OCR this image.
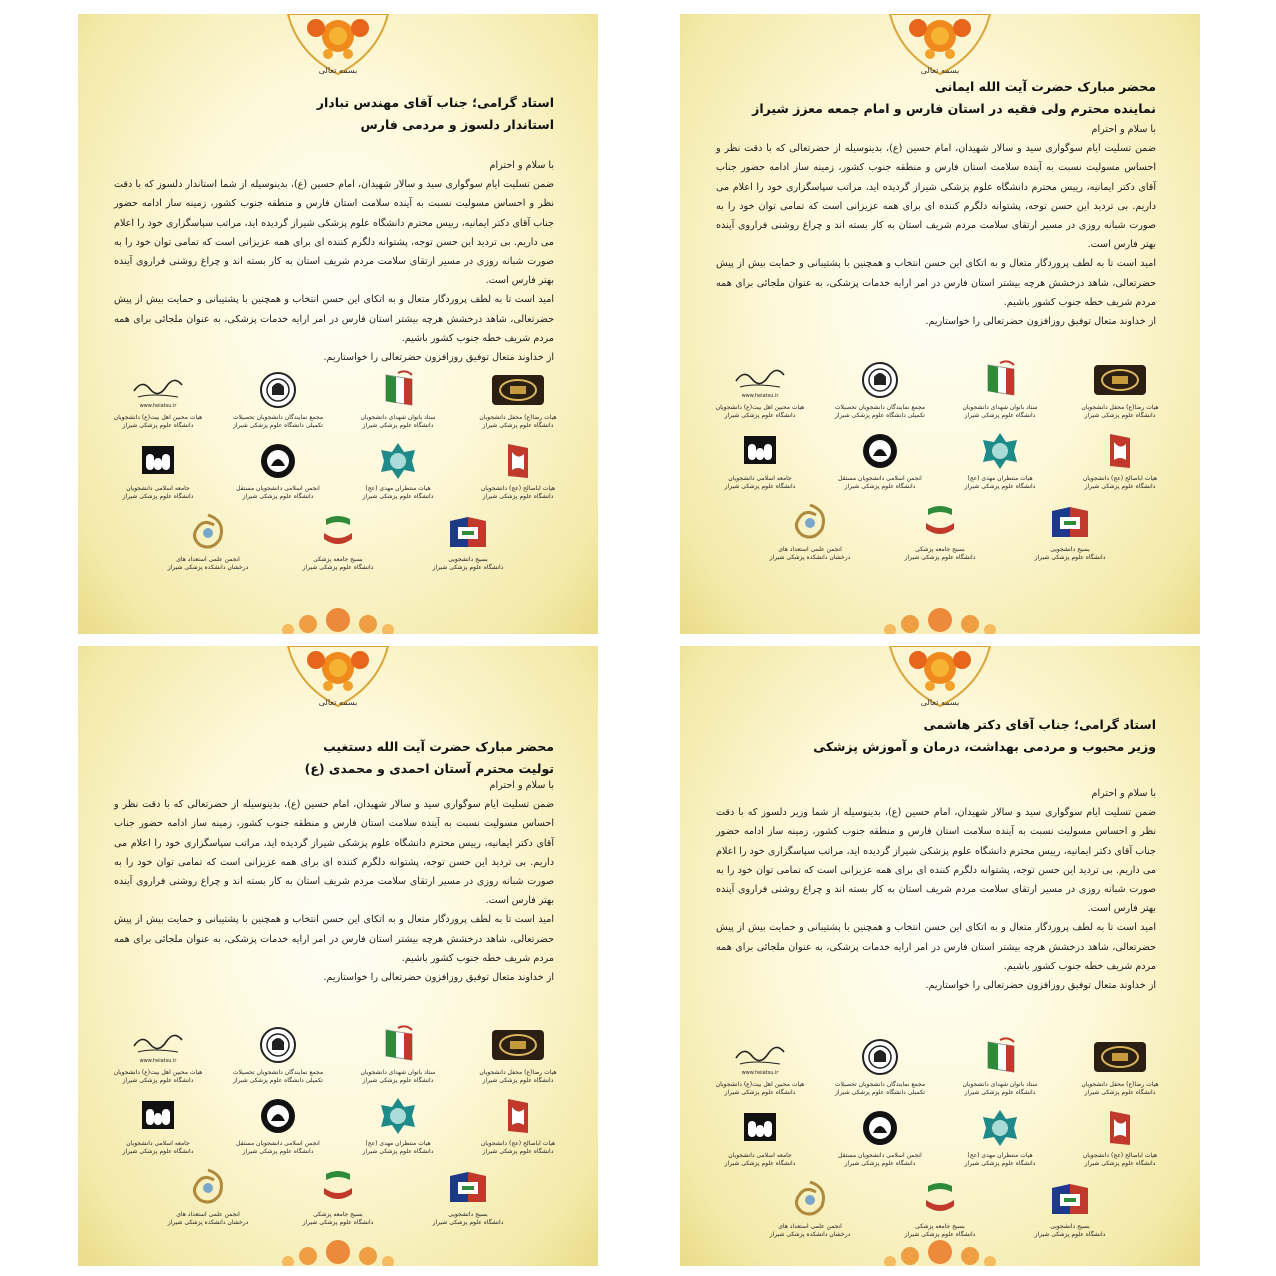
بسمه تعالی
استاد گرامی؛ جناب آقای مهندس تبادار
استاندار دلسوز و مردمی فارس

با سلام و احترام

ضمن تسلیت ایام سوگواری سید و سالار شهیدان، امام حسین (ع)، بدینوسیله از شما استاندار دلسوز که با دقت نظر و احساس مسولیت نسبت به آینده سلامت استان فارس و منطقه جنوب کشور، زمینه ساز ادامه حضور جناب آقای دکتر ایمانیه، رییس محترم دانشگاه علوم پزشکی شیراز گردیده اید، مراتب سپاسگزاری خود را اعلام می داریم. بی تردید این حسن توجه، پشتوانه دلگرم کننده ای برای همه عزیزانی است که تمامی توان خود را به صورت شبانه روزی در مسیر ارتقای سلامت مردم شریف استان به کار بسته اند و چراغ روشنی فراروی آینده بهتر فارس است.

امید است تا به لطف پروردگار متعال و به اتکای این حسن انتخاب و همچنین با پشتیبانی و حمایت بیش از پیش حضرتعالی، شاهد درخشش هرچه بیشتر استان فارس در امر ارایه خدمات پزشکی، به عنوان ملجائی برای همه مردم شریف خطه جنوب کشور باشیم.

از خداوند متعال توفیق روزافزون حضرتعالی را خواستاریم.

هیات رضا(ع) محفل دانشجویان
دانشگاه علوم پزشکی شیراز
ستاد بانوان شهدای دانشجویان
دانشگاه علوم پزشکی شیراز
مجمع نمایندگان دانشجویان تحصیلات
تکمیلی دانشگاه علوم پزشکی شیراز
www.heiatsu.ir
هیات محبین اهل بیت(ع) دانشجویان
دانشگاه علوم پزشکی شیراز
هیات اباصالح (عج) دانشجویان
دانشگاه علوم پزشکی شیراز
هیات منتظران مهدی (عج)
دانشگاه علوم پزشکی شیراز
انجمن اسلامی دانشجویان مستقل
دانشگاه علوم پزشکی شیراز
جامعه اسلامی دانشجویان
دانشگاه علوم پزشکی شیراز
بسیج دانشجویی
دانشگاه علوم پزشکی شیراز
بسیج جامعه پزشکی
دانشگاه علوم پزشکی شیراز
انجمن علمی استعداد های
درخشان دانشکده پزشکی شیراز
بسمه تعالی
محضر مبارک حضرت آیت الله ایمانی
نماینده محترم ولی فقیه در استان فارس و امام جمعه معزز شیراز

با سلام و احترام

ضمن تسلیت ایام سوگواری سید و سالار شهیدان، امام حسین (ع)، بدینوسیله از حضرتعالی که با دقت نظر و احساس مسولیت نسبت به آینده سلامت استان فارس و منطقه جنوب کشور، زمینه ساز ادامه حضور جناب آقای دکتر ایمانیه، رییس محترم دانشگاه علوم پزشکی شیراز گردیده اید، مراتب سپاسگزاری خود را اعلام می داریم. بی تردید این حسن توجه، پشتوانه دلگرم کننده ای برای همه عزیزانی است که تمامی توان خود را به صورت شبانه روزی در مسیر ارتقای سلامت مردم شریف استان به کار بسته اند و چراغ روشنی فراروی آینده بهتر فارس است.

امید است تا به لطف پروردگار متعال و به اتکای این حسن انتخاب و همچنین با پشتیبانی و حمایت بیش از پیش حضرتعالی، شاهد درخشش هرچه بیشتر استان فارس در امر ارایه خدمات پزشکی، به عنوان ملجائی برای همه مردم شریف خطه جنوب کشور باشیم.

از خداوند متعال توفیق روزافزون حضرتعالی را خواستاریم.

هیات رضا(ع) محفل دانشجویان
دانشگاه علوم پزشکی شیراز
ستاد بانوان شهدای دانشجویان
دانشگاه علوم پزشکی شیراز
مجمع نمایندگان دانشجویان تحصیلات
تکمیلی دانشگاه علوم پزشکی شیراز
www.heiatsu.ir
هیات محبین اهل بیت(ع) دانشجویان
دانشگاه علوم پزشکی شیراز
هیات اباصالح (عج) دانشجویان
دانشگاه علوم پزشکی شیراز
هیات منتظران مهدی (عج)
دانشگاه علوم پزشکی شیراز
انجمن اسلامی دانشجویان مستقل
دانشگاه علوم پزشکی شیراز
جامعه اسلامی دانشجویان
دانشگاه علوم پزشکی شیراز
بسیج دانشجویی
دانشگاه علوم پزشکی شیراز
بسیج جامعه پزشکی
دانشگاه علوم پزشکی شیراز
انجمن علمی استعداد های
درخشان دانشکده پزشکی شیراز
بسمه تعالی
محضر مبارک حضرت آیت الله دستغیب
تولیت محترم آستان احمدی و محمدی (ع)

با سلام و احترام

ضمن تسلیت ایام سوگواری سید و سالار شهیدان، امام حسین (ع)، بدینوسیله از حضرتعالی که با دقت نظر و احساس مسولیت نسبت به آینده سلامت استان فارس و منطقه جنوب کشور، زمینه ساز ادامه حضور جناب آقای دکتر ایمانیه، رییس محترم دانشگاه علوم پزشکی شیراز گردیده اید، مراتب سپاسگزاری خود را اعلام می داریم. بی تردید این حسن توجه، پشتوانه دلگرم کننده ای برای همه عزیزانی است که تمامی توان خود را به صورت شبانه روزی در مسیر ارتقای سلامت مردم شریف استان به کار بسته اند و چراغ روشنی فراروی آینده بهتر فارس است.

امید است تا به لطف پروردگار متعال و به اتکای این حسن انتخاب و همچنین با پشتیبانی و حمایت بیش از پیش حضرتعالی، شاهد درخشش هرچه بیشتر استان فارس در امر ارایه خدمات پزشکی، به عنوان ملجائی برای همه مردم شریف خطه جنوب کشور باشیم.

از خداوند متعال توفیق روزافزون حضرتعالی را خواستاریم.

هیات رضا(ع) محفل دانشجویان
دانشگاه علوم پزشکی شیراز
ستاد بانوان شهدای دانشجویان
دانشگاه علوم پزشکی شیراز
مجمع نمایندگان دانشجویان تحصیلات
تکمیلی دانشگاه علوم پزشکی شیراز
www.heiatsu.ir
هیات محبین اهل بیت(ع) دانشجویان
دانشگاه علوم پزشکی شیراز
هیات اباصالح (عج) دانشجویان
دانشگاه علوم پزشکی شیراز
هیات منتظران مهدی (عج)
دانشگاه علوم پزشکی شیراز
انجمن اسلامی دانشجویان مستقل
دانشگاه علوم پزشکی شیراز
جامعه اسلامی دانشجویان
دانشگاه علوم پزشکی شیراز
بسیج دانشجویی
دانشگاه علوم پزشکی شیراز
بسیج جامعه پزشکی
دانشگاه علوم پزشکی شیراز
انجمن علمی استعداد های
درخشان دانشکده پزشکی شیراز
بسمه تعالی
استاد گرامی؛ جناب آقای دکتر هاشمی
وزیر محبوب و مردمی بهداشت، درمان و آموزش پزشکی

با سلام و احترام

ضمن تسلیت ایام سوگواری سید و سالار شهیدان، امام حسین (ع)، بدینوسیله از شما وزیر دلسوز که با دقت نظر و احساس مسولیت نسبت به آینده سلامت استان فارس و منطقه جنوب کشور، زمینه ساز ادامه حضور جناب آقای دکتر ایمانیه، رییس محترم دانشگاه علوم پزشکی شیراز گردیده اید، مراتب سپاسگزاری خود را اعلام می داریم. بی تردید این حسن توجه، پشتوانه دلگرم کننده ای برای همه عزیزانی است که تمامی توان خود را به صورت شبانه روزی در مسیر ارتقای سلامت مردم شریف استان به کار بسته اند و چراغ روشنی فراروی آینده بهتر فارس است.

امید است تا به لطف پروردگار متعال و به اتکای این حسن انتخاب و همچنین با پشتیبانی و حمایت بیش از پیش حضرتعالی، شاهد درخشش هرچه بیشتر استان فارس در امر ارایه خدمات پزشکی، به عنوان ملجائی برای همه مردم شریف خطه جنوب کشور باشیم.

از خداوند متعال توفیق روزافزون حضرتعالی را خواستاریم.

هیات رضا(ع) محفل دانشجویان
دانشگاه علوم پزشکی شیراز
ستاد بانوان شهدای دانشجویان
دانشگاه علوم پزشکی شیراز
مجمع نمایندگان دانشجویان تحصیلات
تکمیلی دانشگاه علوم پزشکی شیراز
www.heiatsu.ir
هیات محبین اهل بیت(ع) دانشجویان
دانشگاه علوم پزشکی شیراز
هیات اباصالح (عج) دانشجویان
دانشگاه علوم پزشکی شیراز
هیات منتظران مهدی (عج)
دانشگاه علوم پزشکی شیراز
انجمن اسلامی دانشجویان مستقل
دانشگاه علوم پزشکی شیراز
جامعه اسلامی دانشجویان
دانشگاه علوم پزشکی شیراز
بسیج دانشجویی
دانشگاه علوم پزشکی شیراز
بسیج جامعه پزشکی
دانشگاه علوم پزشکی شیراز
انجمن علمی استعداد های
درخشان دانشکده پزشکی شیراز
